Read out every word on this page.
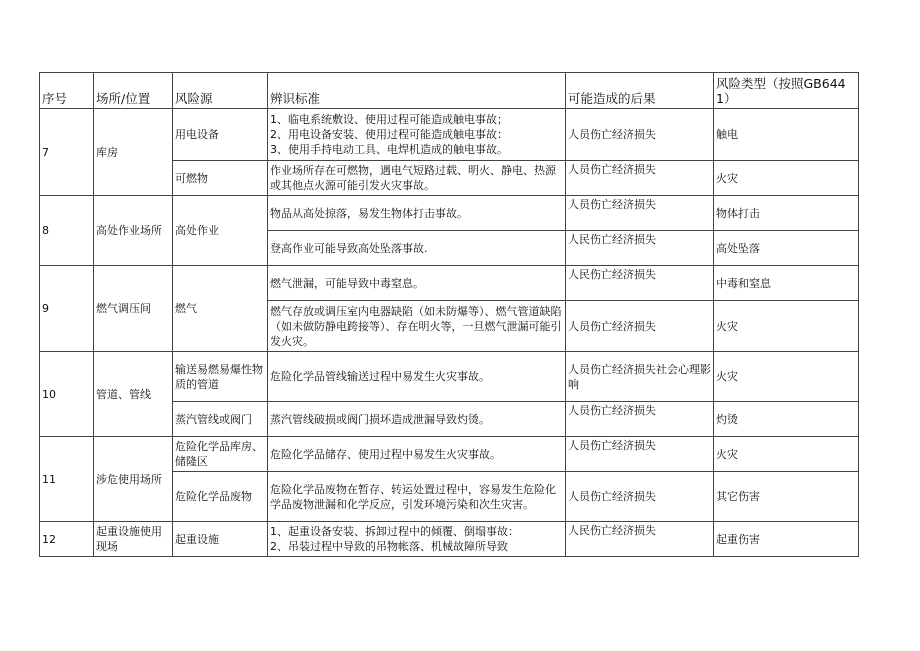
序号	场所/位置	风险源	辨识标准	可能造成的后果	风险类型（按照GB6441）
7	库房	用电设备	1、临电系统敷设、使用过程可能造成触电事故；
2、用电设备安装、使用过程可能造成触电事故：
3、使用手持电动工具、电焊机造成的触电事故。	人员伤亡经济损失	触电
		可燃物	作业场所存在可燃物，遇电气短路过载、明火、静电、热源或其他点火源可能引发火灾事故。	人员伤亡经济损失	火灾
8	高处作业场所	高处作业	物品从高处掠落，易发生物体打击事故。	人员伤亡经济损失	物体打击
			登高作业可能导致高处坠落事故.	人民伤亡经济损失	高处坠落
9	燃气调压间	燃气	燃气泄漏，可能导致中毒窒息。	人民伤亡经济损失	中毒和窒息
			燃气存放或调压室内电器缺陷（如未防爆等）、燃气管道缺陷（如未做防静电跨接等）、存在明火等，一旦燃气泄漏可能引发火灾。	人员伤亡经济损失	火灾
10	管道、管线	输送易燃易爆性物质的管道	危险化学品管线输送过程中易发生火灾事故。	人员伤亡经济损失社会心理影响	火灾
		蒸汽管线或阀门	蒸汽管线破损或阀门损坏造成泄漏导致灼烫。	人员伤亡经济损失	灼烫
11	涉危使用场所	危险化学品库房、储隆区	危险化学品储存、使用过程中易发生火灾事故。	人员伤亡经济损失	火灾
		危险化学品废物	危险化学品废物在暂存、转运处置过程中，容易发生危险化学品废物泄漏和化学反应，引发环境污染和次生灾害。	人员伤亡经济损失	其它伤害
12	起重设施使用现场	起重设施	1、起重设备安装、拆卸过程中的倾覆、倒塌事故：
2、吊装过程中导致的吊物帐落、机械故障所导致	人民伤亡经济损失	起重伤害
